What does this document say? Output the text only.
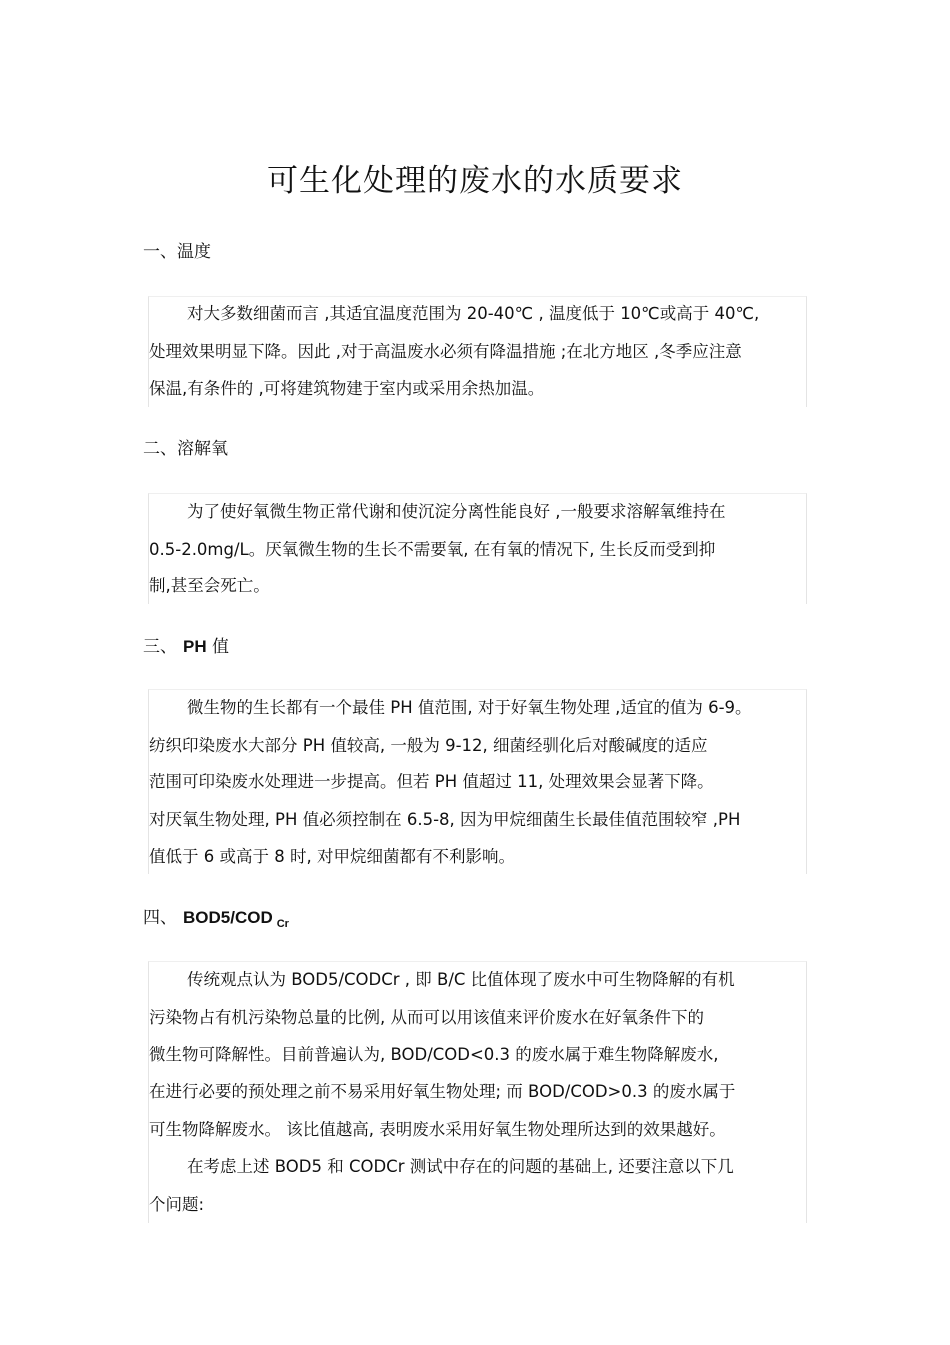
可生化处理的废水的水质要求
一、温度
对大多数细菌而言 ,其适宜温度范围为 20-40℃ , 温度低于 10℃或高于 40℃,
处理效果明显下降。因此 ,对于高温废水必须有降温措施 ;在北方地区 ,冬季应注意
保温,有条件的 ,可将建筑物建于室内或采用余热加温。
二、溶解氧
为了使好氧微生物正常代谢和使沉淀分离性能良好 ,一般要求溶解氧维持在
0.5-2.0mg/L。厌氧微生物的生长不需要氧, 在有氧的情况下, 生长反而受到抑
制,甚至会死亡。
三、 PH 值
微生物的生长都有一个最佳 PH 值范围, 对于好氧生物处理 ,适宜的值为 6-9。
纺织印染废水大部分 PH 值较高, 一般为 9-12, 细菌经驯化后对酸碱度的适应
范围可印染废水处理进一步提高。但若 PH 值超过 11, 处理效果会显著下降。
对厌氧生物处理, PH 值必须控制在 6.5-8, 因为甲烷细菌生长最佳值范围较窄 ,PH
值低于 6 或高于 8 时, 对甲烷细菌都有不利影响。
四、 BOD5/COD $_{Cr}$
传统观点认为 BOD5/CODCr , 即 B/C 比值体现了废水中可生物降解的有机
污染物占有机污染物总量的比例, 从而可以用该值来评价废水在好氧条件下的
微生物可降解性。目前普遍认为, BOD/COD<0.3 的废水属于难生物降解废水,
在进行必要的预处理之前不易采用好氧生物处理; 而 BOD/COD>0.3 的废水属于
可生物降解废水。 该比值越高, 表明废水采用好氧生物处理所达到的效果越好。
在考虑上述 BOD5 和 CODCr 测试中存在的问题的基础上, 还要注意以下几
个问题:
